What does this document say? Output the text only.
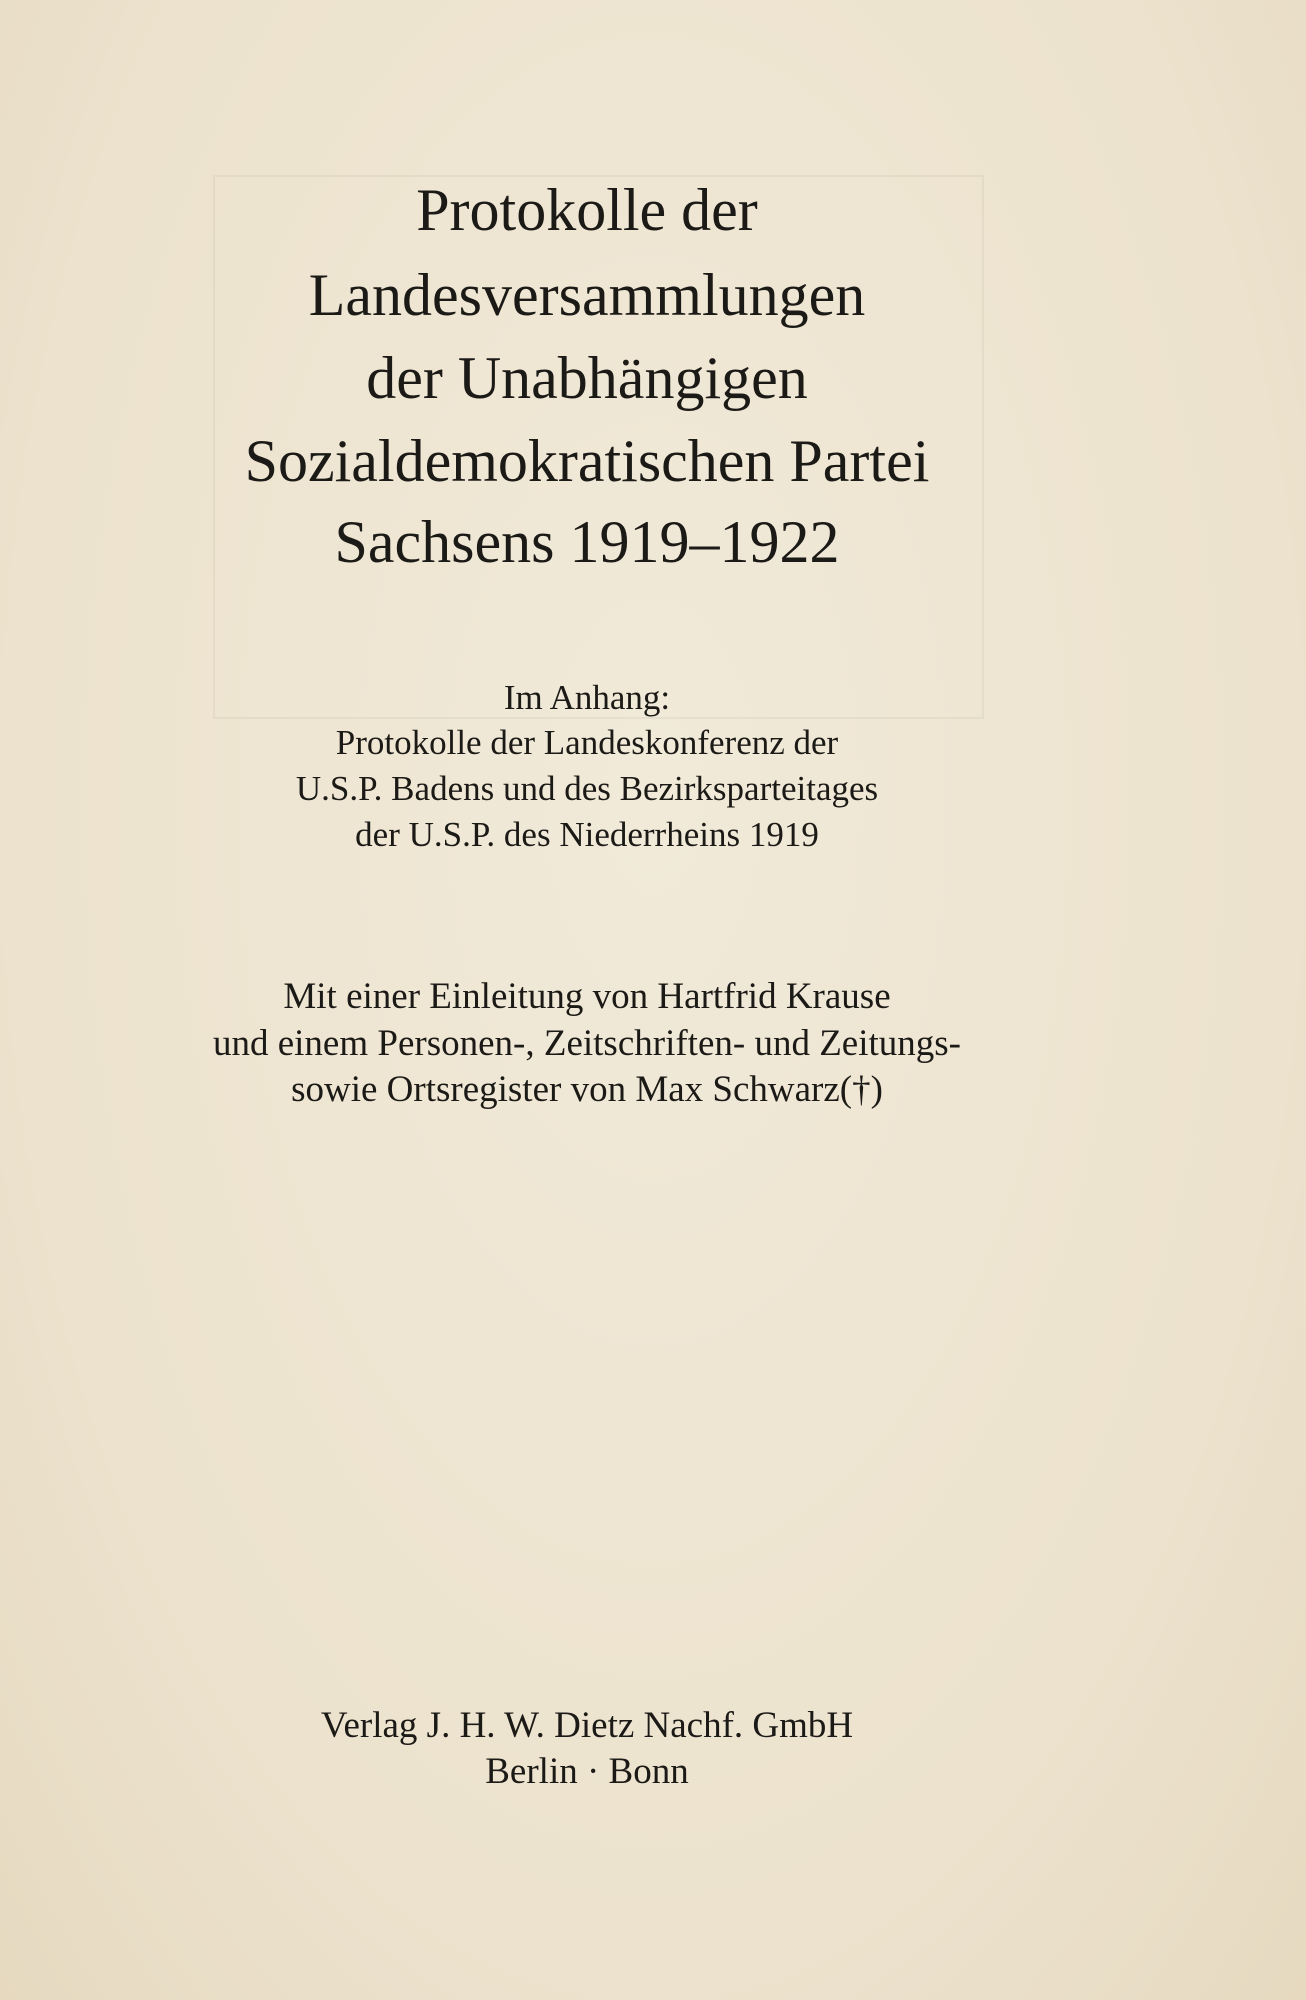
Protokolle der
Landesversammlungen
der Unabhängigen
Sozialdemokratischen Partei
Sachsens 1919–1922
Im Anhang:
Protokolle der Landeskonferenz der
U.S.P. Badens und des Bezirksparteitages
der U.S.P. des Niederrheins 1919
Mit einer Einleitung von Hartfrid Krause
und einem Personen-, Zeitschriften- und Zeitungs-
sowie Ortsregister von Max Schwarz(†)
Verlag J. H. W. Dietz Nachf. GmbH
Berlin · Bonn
